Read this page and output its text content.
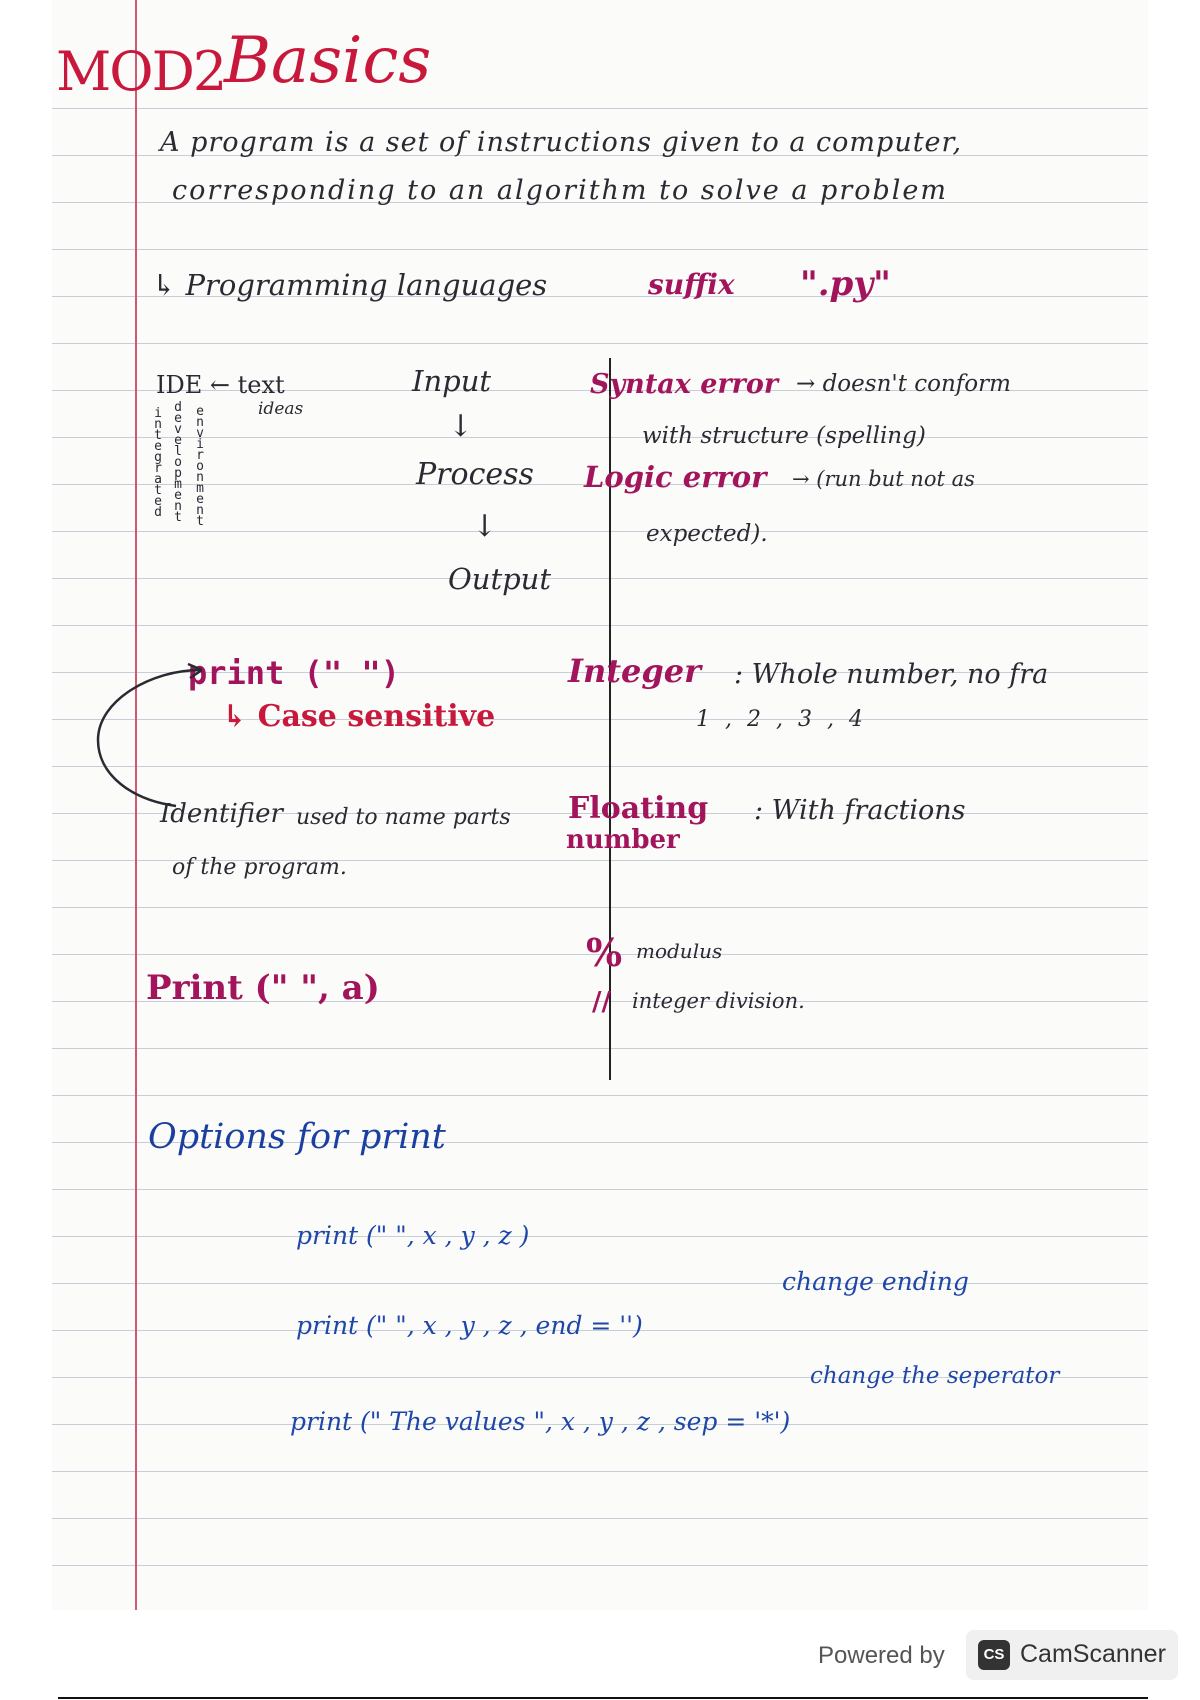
MOD2
Basics
A program is a set of instructions given to a computer,
corresponding to an algorithm to solve a problem
↳ Programming languages	suffix ".py"
IDE ← text
ideas
i
n
t
e
g
r
a
t
e
d
d
e
v
e
l
o
p
m
e
n
t
e
n
v
i
r
o
n
m
e
n
t
Input
↓
Process
↓
Output
Syntax error → doesn't conform
with structure (spelling)
Logic error → (run but not as
expected).
print (" ")
↳ Case sensitive
Identifier used to name parts
of the program.
Print (" ", a)
Integer : Whole number, no fra
1 , 2 , 3 , 4
Floating
number
: With fractions
% modulus
// integer division.
Options for print
print (" ", x , y , z )
change ending
print (" ", x , y , z , end = '')
change the seperator
print (" The values ", x , y , z , sep = '*')
Powered by	CS CamScanner
